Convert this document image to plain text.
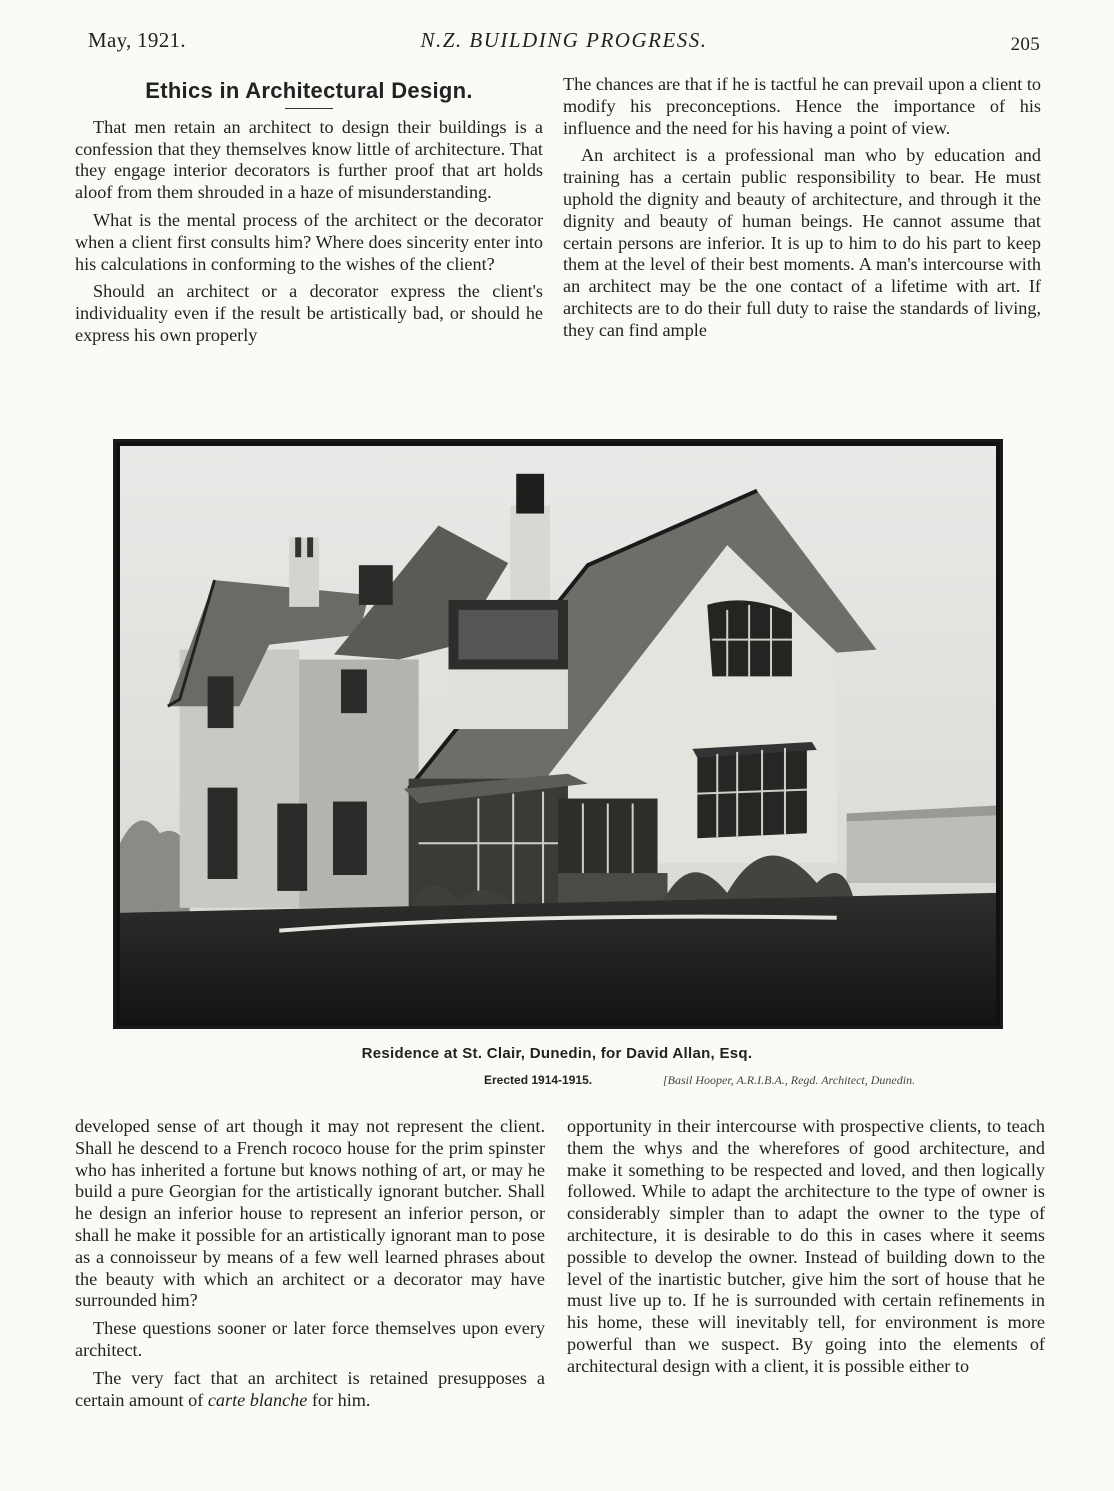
May, 1921.	N.Z. BUILDING PROGRESS.	205
Ethics in Architectural Design.

That men retain an architect to design their buildings is a confession that they themselves know little of architecture. That they engage interior decorators is further proof that art holds aloof from them shrouded in a haze of misunderstanding.

What is the mental process of the architect or the decorator when a client first consults him? Where does sincerity enter into his calculations in conforming to the wishes of the client?

Should an architect or a decorator express the client's individuality even if the result be artistically bad, or should he express his own properly

The chances are that if he is tactful he can prevail upon a client to modify his preconceptions. Hence the importance of his influence and the need for his having a point of view.

An architect is a professional man who by education and training has a certain public responsibility to bear. He must uphold the dignity and beauty of architecture, and through it the dignity and beauty of human beings. He cannot assume that certain persons are inferior. It is up to him to do his part to keep them at the level of their best moments. A man's intercourse with an architect may be the one contact of a lifetime with art. If architects are to do their full duty to raise the standards of living, they can find ample

Residence at St. Clair, Dunedin, for David Allan, Esq.
Erected 1914-1915.	[Basil Hooper, A.R.I.B.A., Regd. Architect, Dunedin.

developed sense of art though it may not represent the client. Shall he descend to a French rococo house for the prim spinster who has inherited a fortune but knows nothing of art, or may he build a pure Georgian for the artistically ignorant butcher. Shall he design an inferior house to represent an inferior person, or shall he make it possible for an artistically ignorant man to pose as a connoisseur by means of a few well learned phrases about the beauty with which an architect or a decorator may have surrounded him?

These questions sooner or later force themselves upon every architect.

The very fact that an architect is retained presupposes a certain amount of carte blanche for him.

opportunity in their intercourse with prospective clients, to teach them the whys and the wherefores of good architecture, and make it something to be respected and loved, and then logically followed. While to adapt the architecture to the type of owner is considerably simpler than to adapt the owner to the type of architecture, it is desirable to do this in cases where it seems possible to develop the owner. Instead of building down to the level of the inartistic butcher, give him the sort of house that he must live up to. If he is surrounded with certain refinements in his home, these will inevitably tell, for environment is more powerful than we suspect. By going into the elements of architectural design with a client, it is possible either to
